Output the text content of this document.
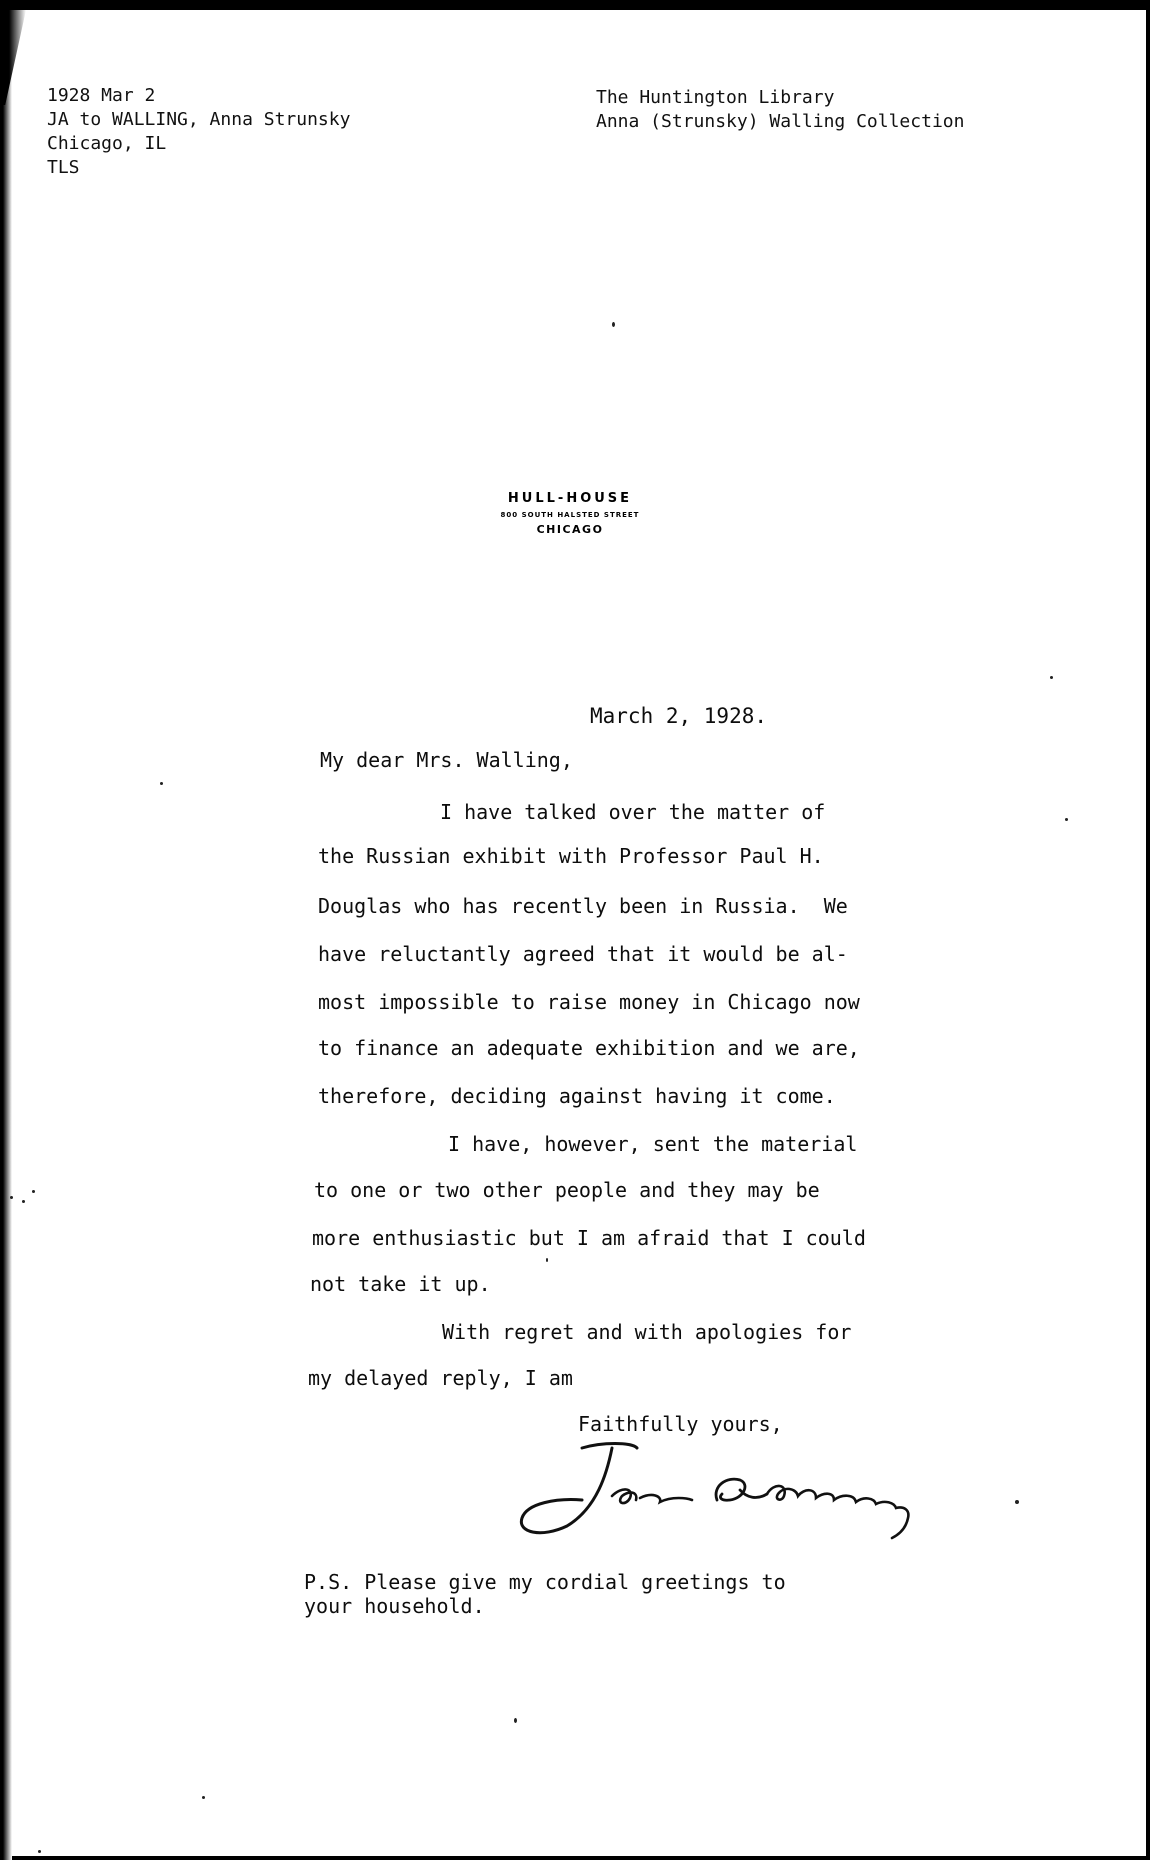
1928 Mar 2
JA to WALLING, Anna Strunsky
Chicago, IL
TLS
The Huntington Library
Anna (Strunsky) Walling Collection
HULL-HOUSE
800 SOUTH HALSTED STREET
CHICAGO
March 2, 1928.
My dear Mrs. Walling,
I have talked over the matter of
the Russian exhibit with Professor Paul H.
Douglas who has recently been in Russia.  We
have reluctantly agreed that it would be al-
most impossible to raise money in Chicago now
to finance an adequate exhibition and we are,
therefore, deciding against having it come.
I have, however, sent the material
to one or two other people and they may be
more enthusiastic but I am afraid that I could
not take it up.
With regret and with apologies for
my delayed reply, I am
Faithfully yours,
P.S. Please give my cordial greetings to
your household.
